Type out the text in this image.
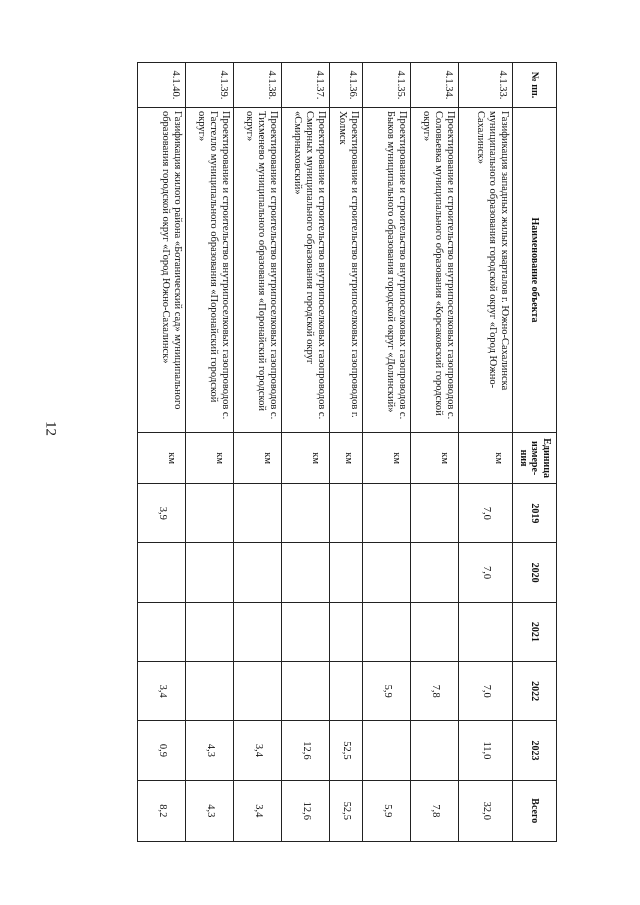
12
№ пп.	Наименование объекта	Единица измере-ния	2019	2020	2021	2022	2023	Всего
4.1.33.	Газификация западных жилых кварталов г. Южно-Сахалинска муниципального образования городской округ «Город Южно-Сахалинск»	км	7,0	7,0		7,0	11,0	32,0
4.1.34.	Проектирование и строительство внутрипоселковых газопроводов с. Соловьевка муниципального образования «Корсаковский городской округ»	км				7,8		7,8
4.1.35.	Проектирование и строительство внутрипоселковых газопроводов с. Быков муниципального образования городской округ «Долинский»	км				5,9		5,9
4.1.36.	Проектирование и строительство внутрипоселковых газопроводов г. Холмск	км					52,5	52,5
4.1.37.	Проектирование и строительство внутрипоселковых газопроводов с. Смирных муниципального образования городской округ «Смирныховский»	км					12,6	12,6
4.1.38.	Проектирование и строительство внутрипоселковых газопроводов с. Тихменево муниципального образования «Поронайский городской округ»	км					3,4	3,4
4.1.39.	Проектирование и строительство внутрипоселковых газопроводов с. Гастелло муниципального образования «Поронайский городской округ»	км					4,3	4,3
4.1.40.	Газификация жилого района «Ботанический сад» муниципального образования городской округ «Город Южно-Сахалинск»	км	3,9			3,4	0,9	8,2
